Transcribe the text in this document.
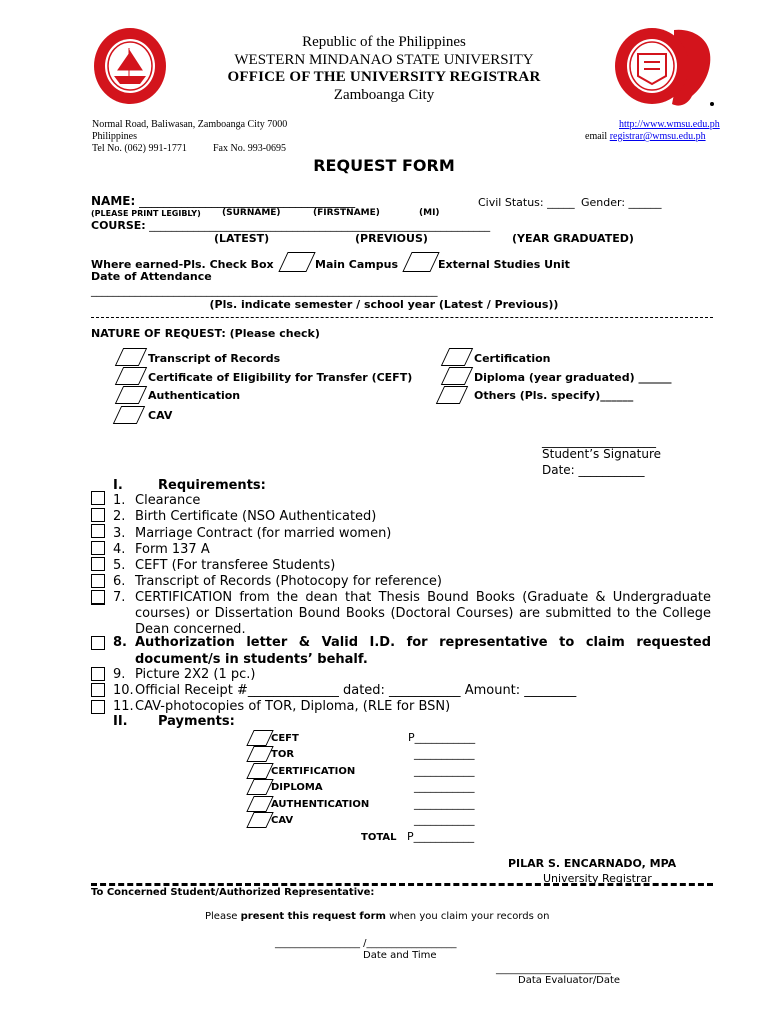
Republic of the Philippines
WESTERN MINDANAO STATE UNIVERSITY
OFFICE OF THE UNIVERSITY REGISTRAR
Zamboanga City
Normal Road, Baliwasan, Zamboanga City 7000
Philippines
Tel No. (062) 991-1771	Fax No. 993-0695
http://www.wmsu.edu.ph
email registrar@wmsu.edu.ph
REQUEST FORM
NAME: ____________________________________	Civil Status: _____ Gender: ______
(PLEASE PRINT LEGIBLY) (SURNAME)	(FIRSTNAME)	(MI)
COURSE: ______________________________________________________________
(LATEST)	(PREVIOUS)	(YEAR GRADUATED)
Where earned-Pls. Check Box	Main Campus	External Studies Unit
Date of Attendance
_______________________________________________________________
(Pls. indicate semester / school year (Latest / Previous))
NATURE OF REQUEST: (Please check)
Transcript of Records
Certificate of Eligibility for Transfer (CEFT)
Authentication
CAV
Certification
Diploma (year graduated) ______
Others (Pls. specify)______
___________________
Student’s Signature
Date: ___________
I.	Requirements:
1. Clearance
2. Birth Certificate (NSO Authenticated)
3. Marriage Contract (for married women)
4. Form 137 A
5. CEFT (For transferee Students)
6. Transcript of Records (Photocopy for reference)
7. CERTIFICATION from the dean that Thesis Bound Books (Graduate & Undergraduate courses) or Dissertation Bound Books (Doctoral Courses) are submitted to the College Dean concerned.
8. Authorization letter & Valid I.D. for representative to claim requested document/s in students’ behalf.
9. Picture 2X2 (1 pc.)
10. Official Receipt #______________ dated: ___________ Amount: ________
11. CAV-photocopies of TOR, Diploma, (RLE for BSN)
II. Payments:
CEFT	P___________
TOR	___________
CERTIFICATION	___________
DIPLOMA	___________
AUTHENTICATION	___________
CAV	___________
TOTAL P___________
PILAR S. ENCARNADO, MPA
University Registrar
To Concerned Student/Authorized Representative:
Please present this request form when you claim your records on
_________________ /__________________
Date and Time
_______________________
Data Evaluator/Date
